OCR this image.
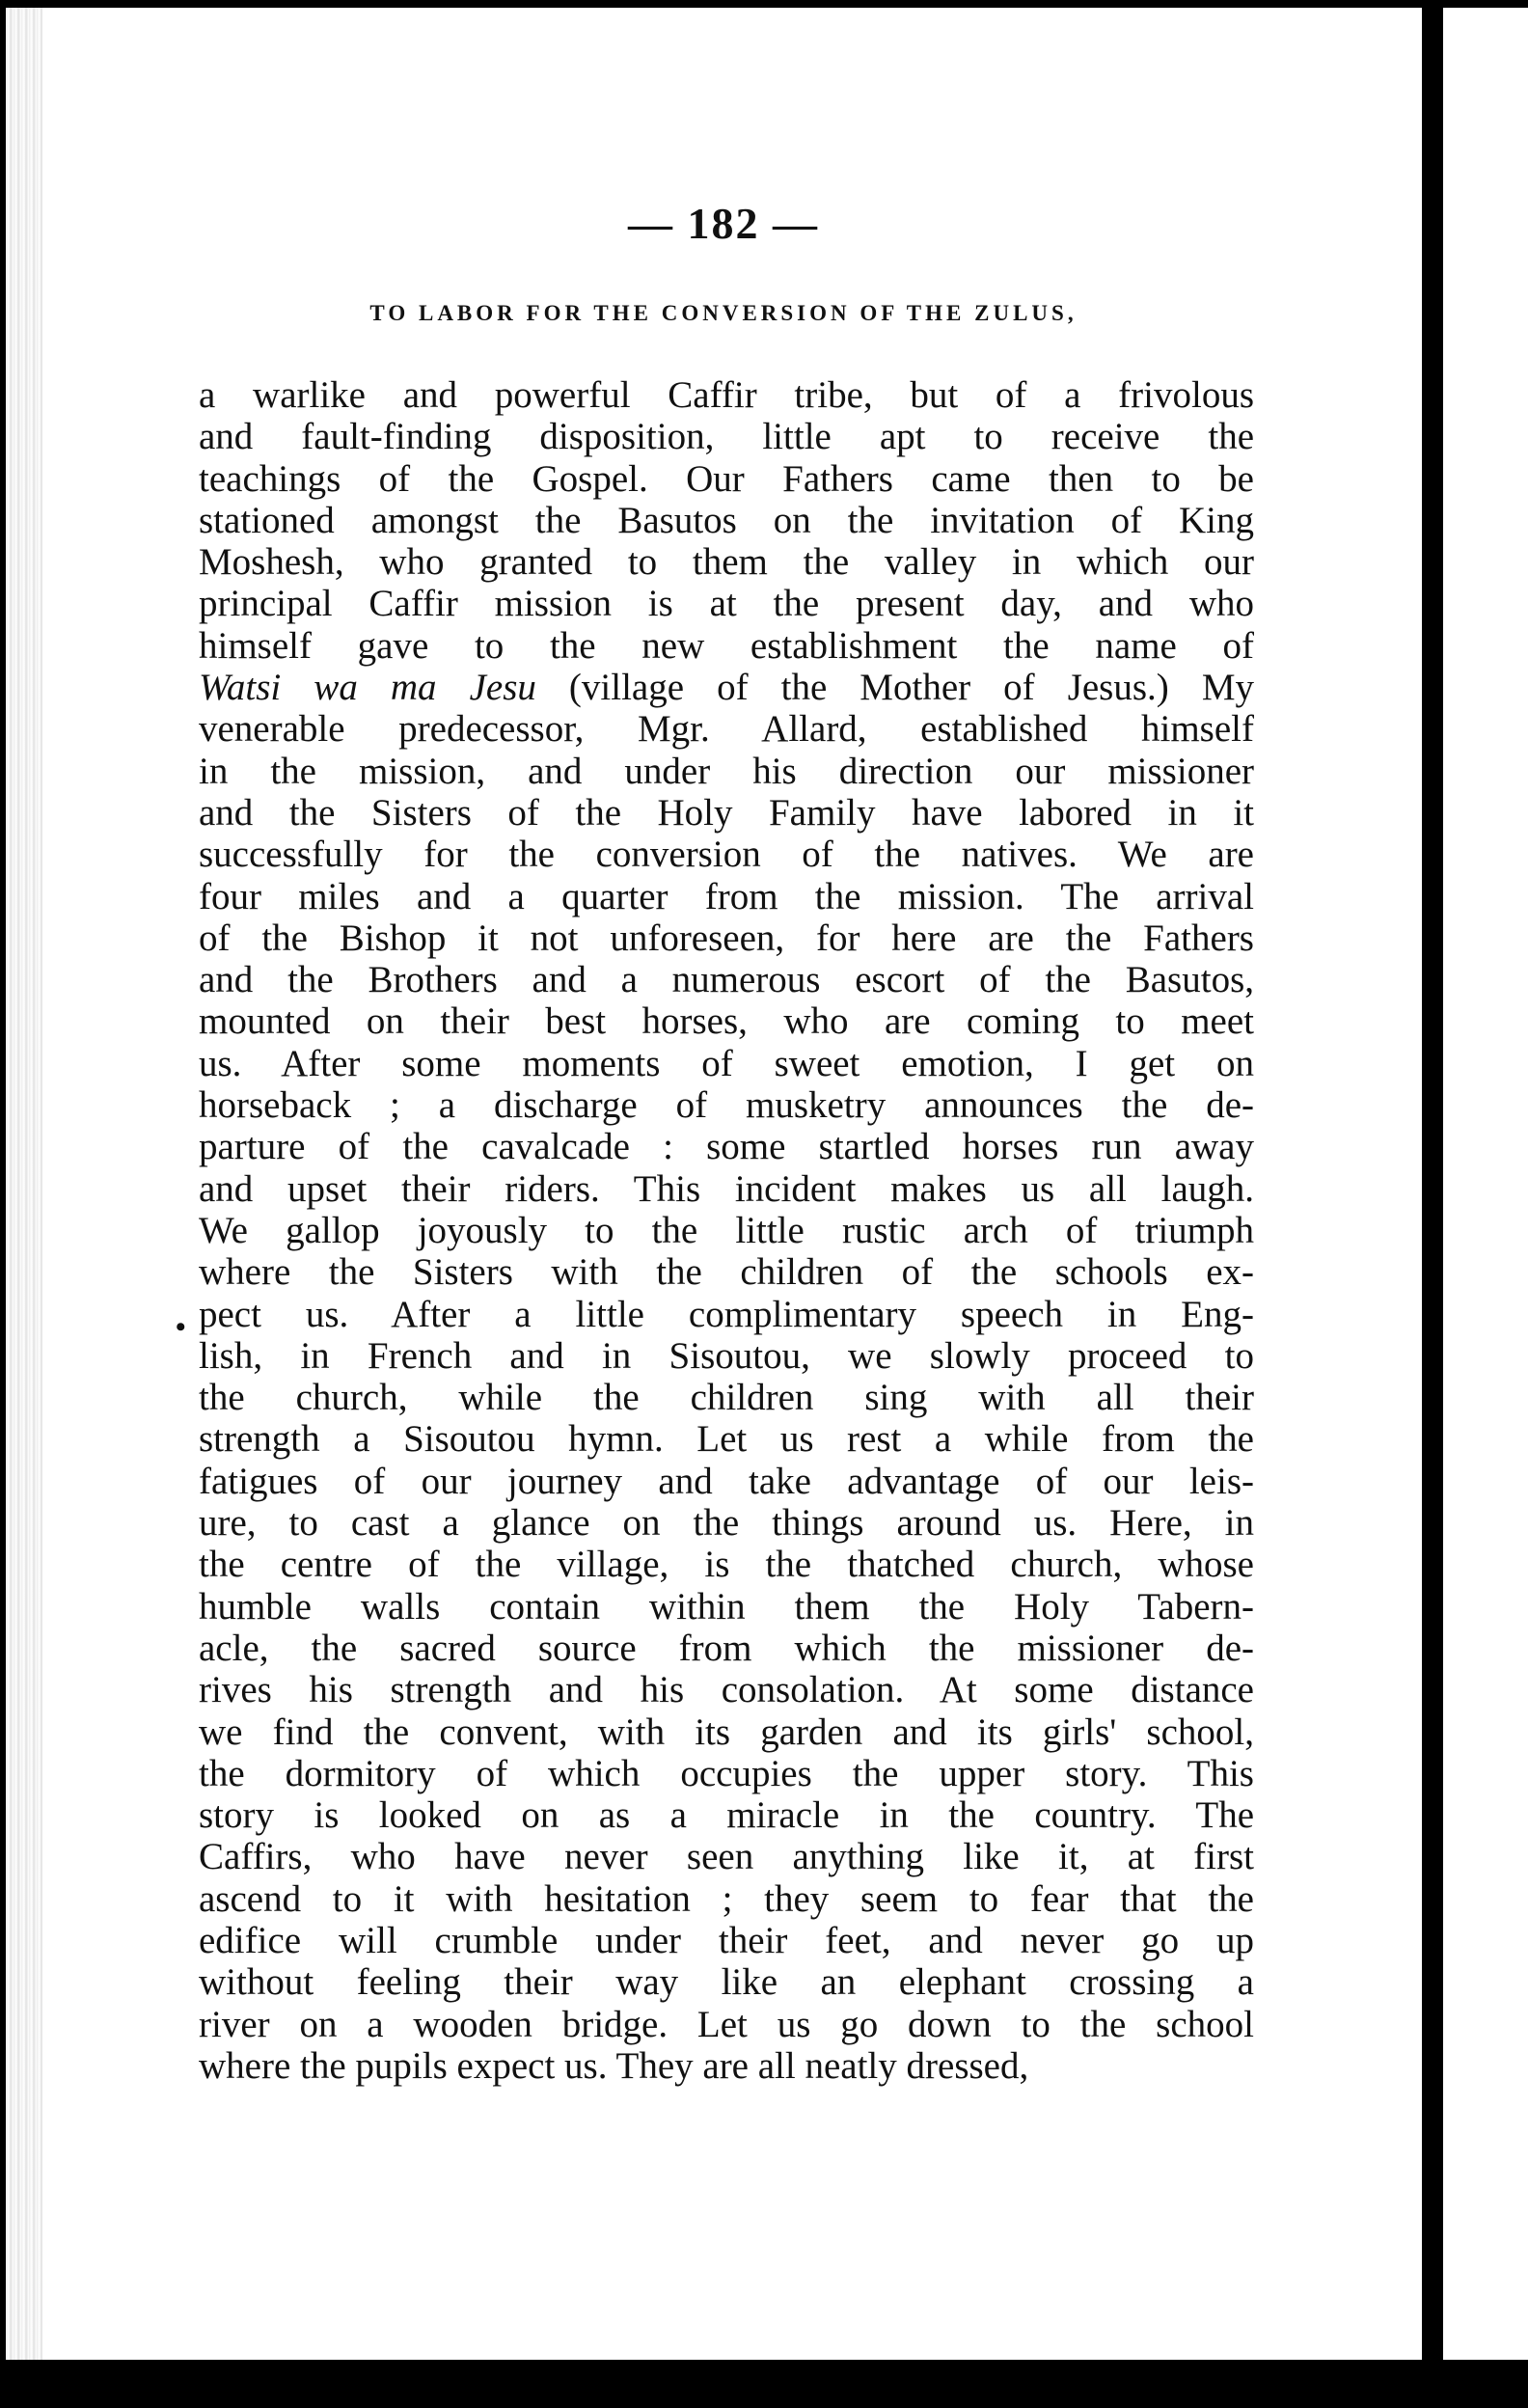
— 182 —
TO LABOR FOR THE CONVERSION OF THE ZULUS,
•
a warlike and powerful Caffir tribe, but of a frivolous
and fault-finding disposition, little apt to receive the
teachings of the Gospel. Our Fathers came then to be
stationed amongst the Basutos on the invitation of King
Moshesh, who granted to them the valley in which our
principal Caffir mission is at the present day, and who
himself gave to the new establishment the name of
Watsi wa ma Jesu (village of the Mother of Jesus.) My
venerable predecessor, Mgr. Allard, established himself
in the mission, and under his direction our missioner
and the Sisters of the Holy Family have labored in it
successfully for the conversion of the natives. We are
four miles and a quarter from the mission. The arrival
of the Bishop it not unforeseen, for here are the Fathers
and the Brothers and a numerous escort of the Basutos,
mounted on their best horses, who are coming to meet
us. After some moments of sweet emotion, I get on
horseback ; a discharge of musketry announces the de-
parture of the cavalcade : some startled horses run away
and upset their riders. This incident makes us all laugh.
We gallop joyously to the little rustic arch of triumph
where the Sisters with the children of the schools ex-
pect us. After a little complimentary speech in Eng-
lish, in French and in Sisoutou, we slowly proceed to
the church, while the children sing with all their
strength a Sisoutou hymn. Let us rest a while from the
fatigues of our journey and take advantage of our leis-
ure, to cast a glance on the things around us. Here, in
the centre of the village, is the thatched church, whose
humble walls contain within them the Holy Tabern-
acle, the sacred source from which the missioner de-
rives his strength and his consolation. At some distance
we find the convent, with its garden and its girls' school,
the dormitory of which occupies the upper story. This
story is looked on as a miracle in the country. The
Caffirs, who have never seen anything like it, at first
ascend to it with hesitation ; they seem to fear that the
edifice will crumble under their feet, and never go up
without feeling their way like an elephant crossing a
river on a wooden bridge. Let us go down to the school
where the pupils expect us. They are all neatly dressed,
